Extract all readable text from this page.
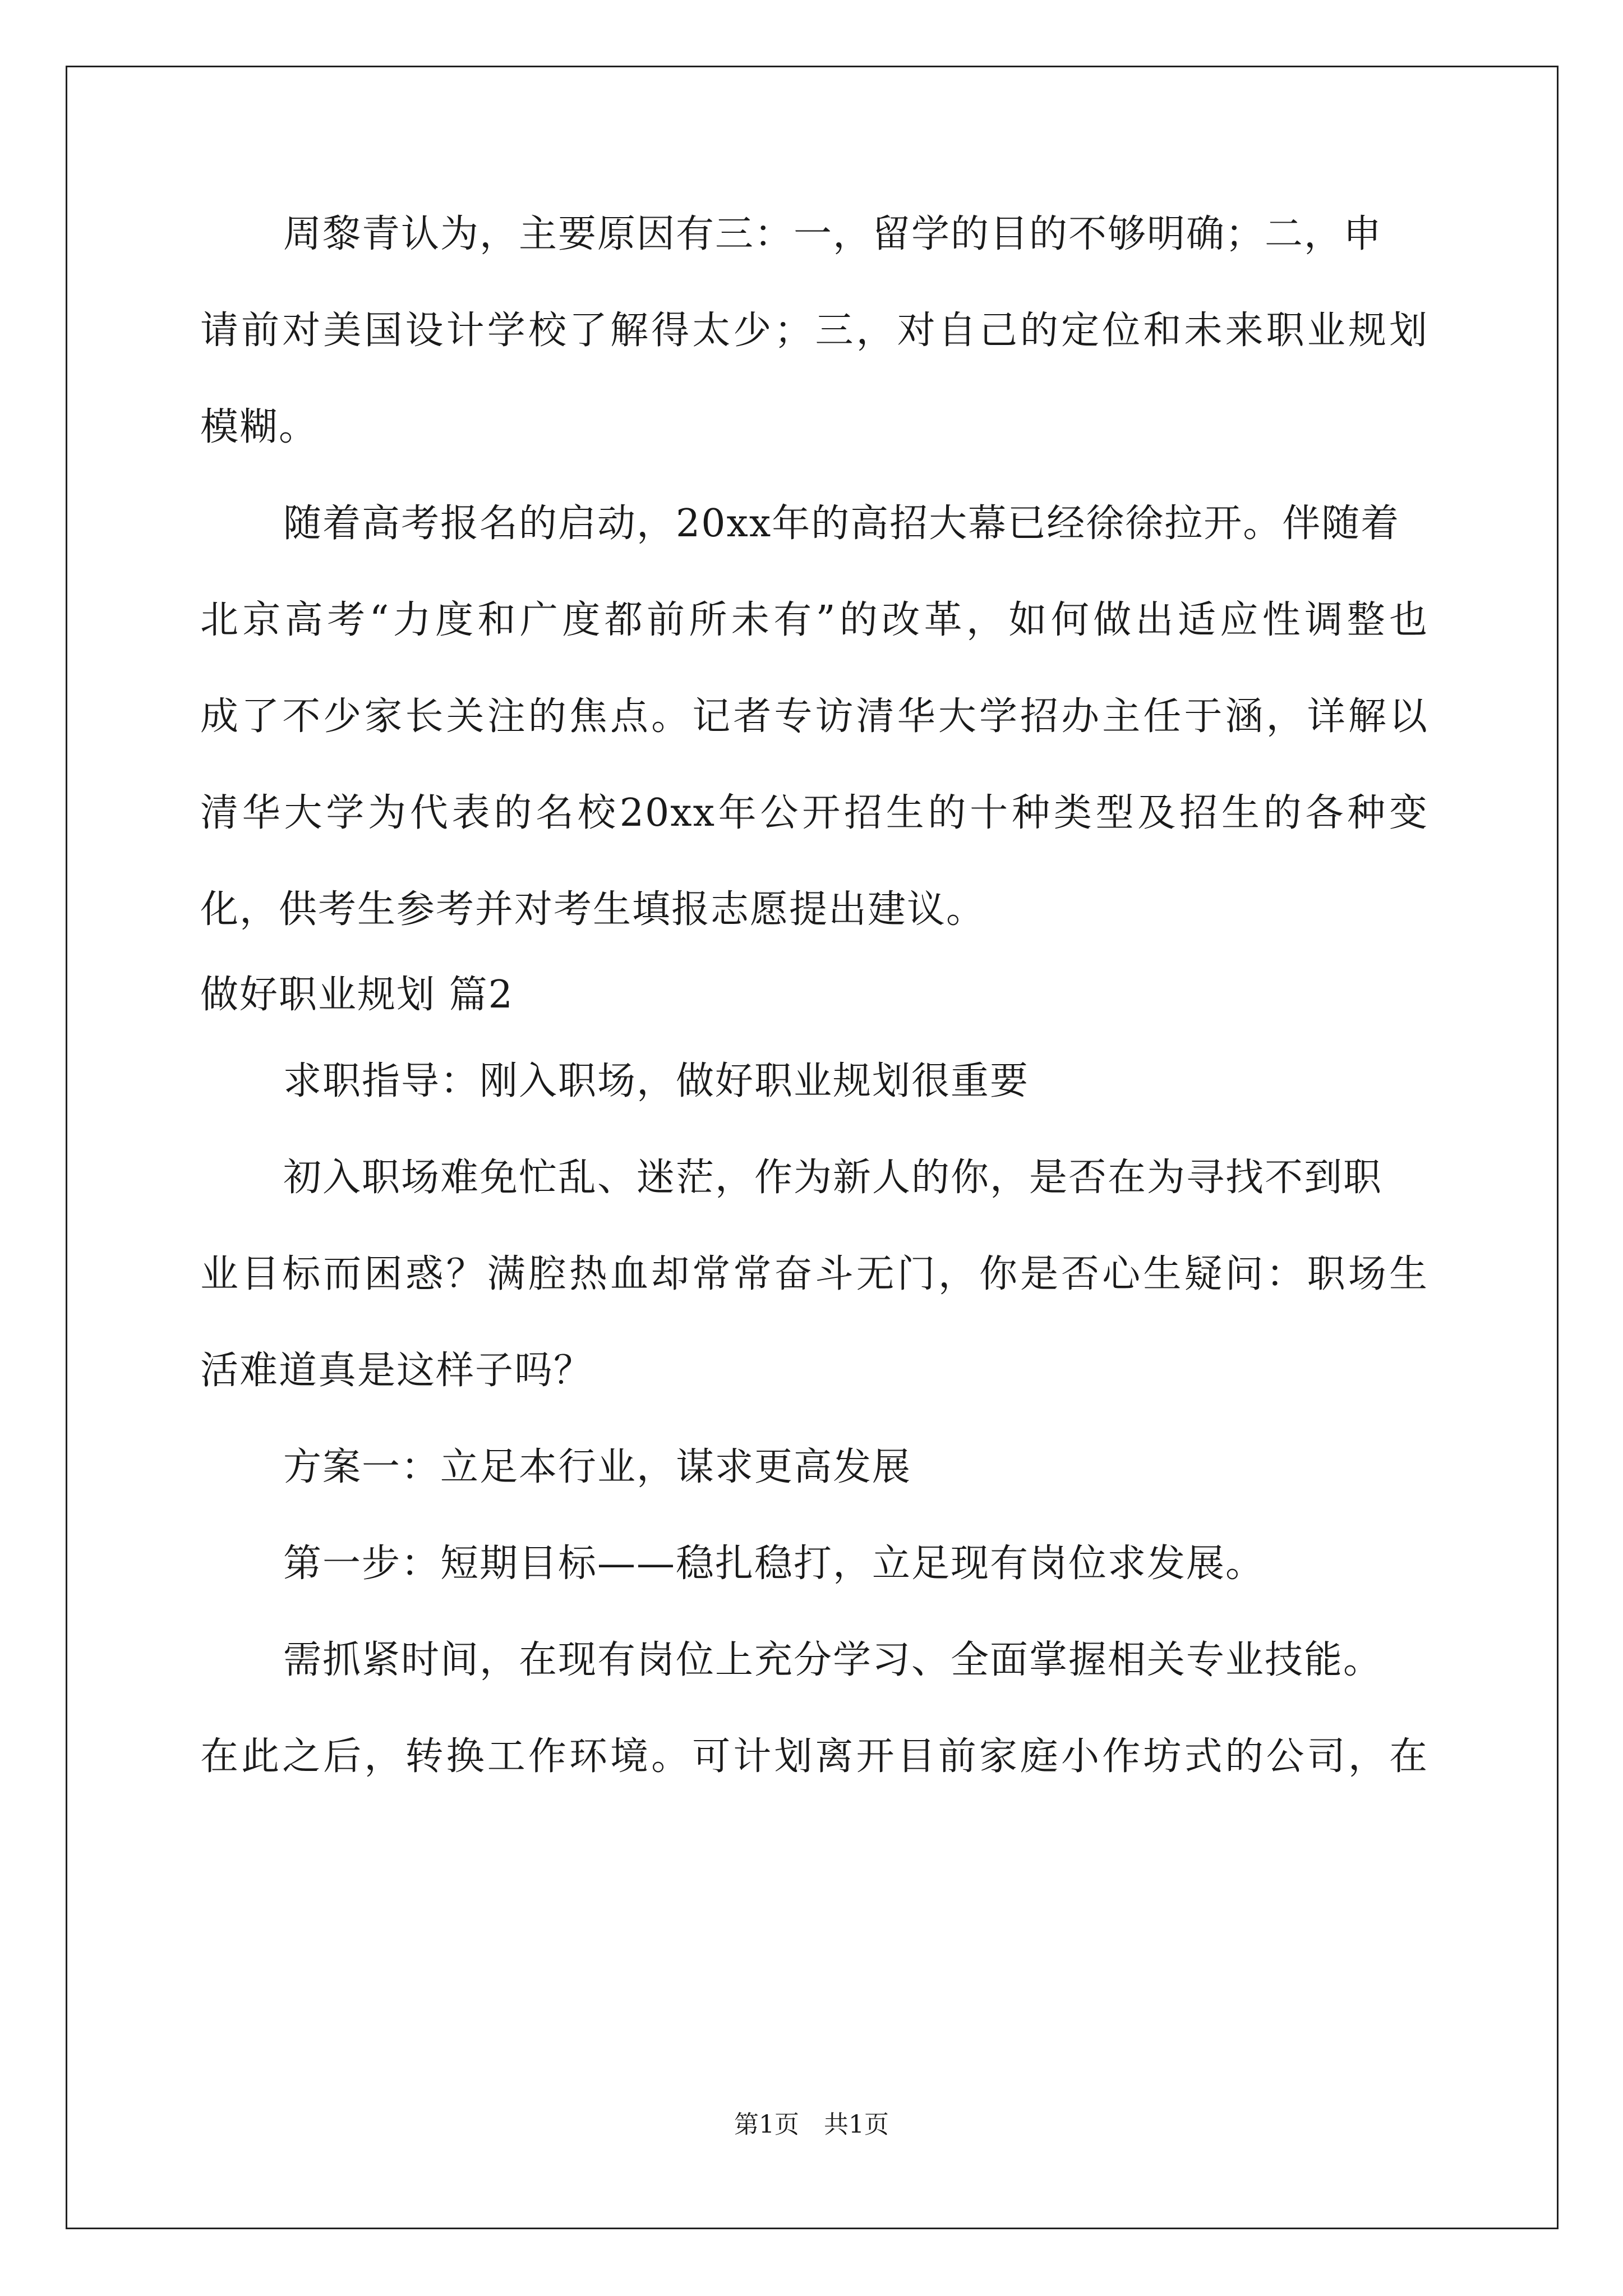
周黎青认为，主要原因有三：一，留学的目的不够明确；二，申
请前对美国设计学校了解得太少；三，对自己的定位和未来职业规划
模糊。
随着高考报名的启动，20xx年的高招大幕已经徐徐拉开。伴随着
北京高考“力度和广度都前所未有”的改革，如何做出适应性调整也
成了不少家长关注的焦点。记者专访清华大学招办主任于涵，详解以
清华大学为代表的名校20xx年公开招生的十种类型及招生的各种变
化，供考生参考并对考生填报志愿提出建议。
做好职业规划 篇2
求职指导：刚入职场，做好职业规划很重要
初入职场难免忙乱、迷茫，作为新人的你，是否在为寻找不到职
业目标而困惑？满腔热血却常常奋斗无门，你是否心生疑问：职场生
活难道真是这样子吗？
方案一：立足本行业，谋求更高发展
第一步：短期目标——稳扎稳打，立足现有岗位求发展。
需抓紧时间，在现有岗位上充分学习、全面掌握相关专业技能。
在此之后，转换工作环境。可计划离开目前家庭小作坊式的公司，在
第1页 共1页
